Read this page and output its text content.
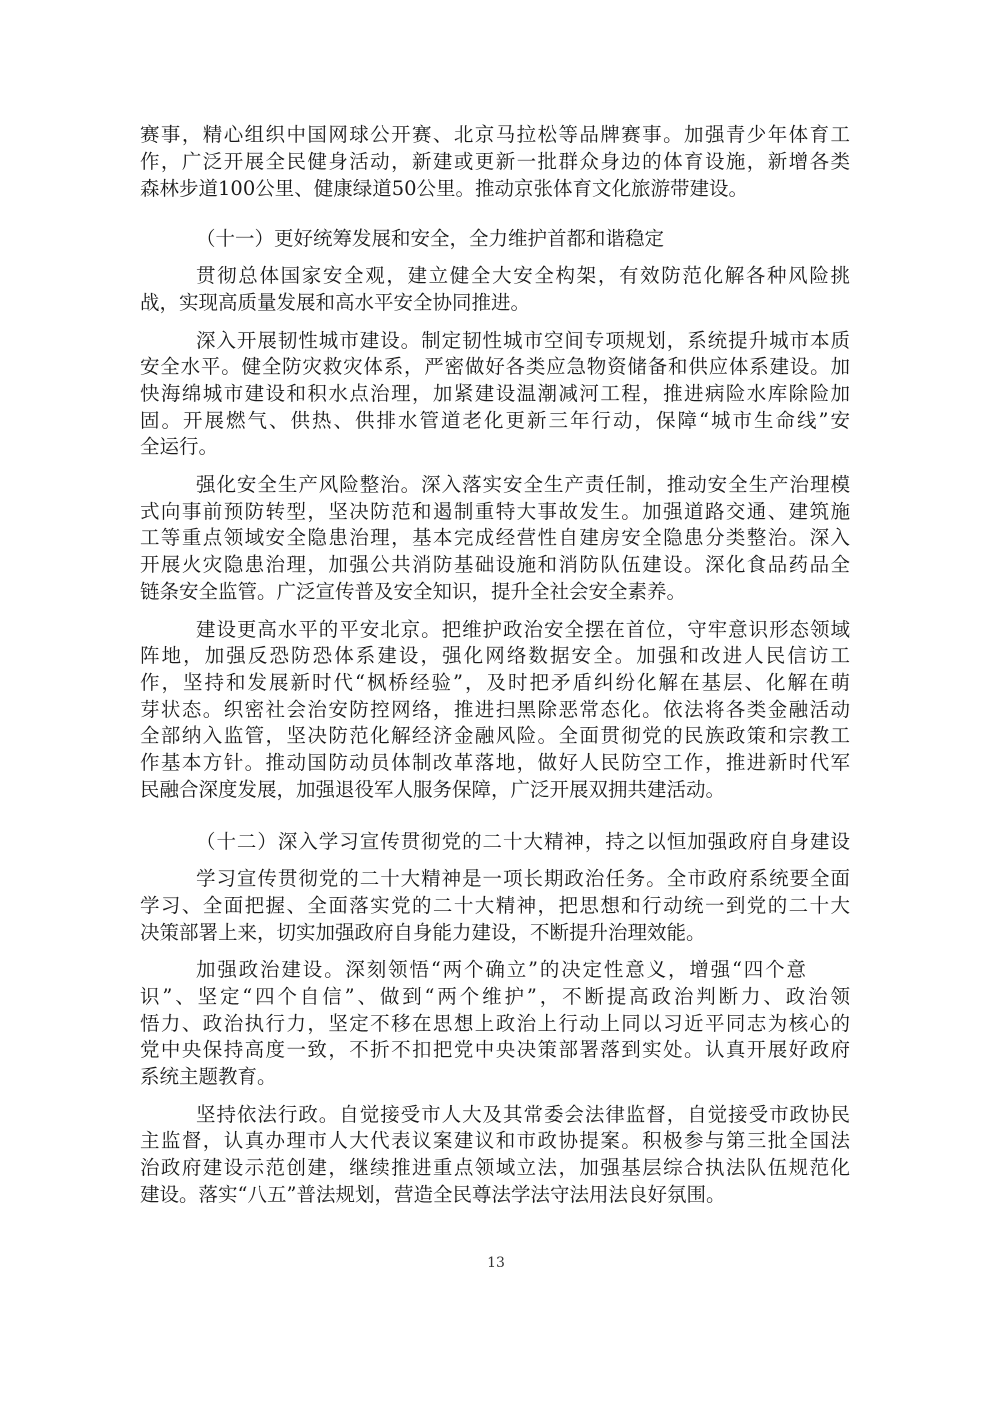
赛事，精心组织中国网球公开赛、北京马拉松等品牌赛事。加强青少年体育工
作，广泛开展全民健身活动，新建或更新一批群众身边的体育设施，新增各类
森林步道100公里、健康绿道50公里。推动京张体育文化旅游带建设。
（十一）更好统筹发展和安全，全力维护首都和谐稳定
贯彻总体国家安全观，建立健全大安全构架，有效防范化解各种风险挑
战，实现高质量发展和高水平安全协同推进。
深入开展韧性城市建设。制定韧性城市空间专项规划，系统提升城市本质
安全水平。健全防灾救灾体系，严密做好各类应急物资储备和供应体系建设。加
快海绵城市建设和积水点治理，加紧建设温潮减河工程，推进病险水库除险加
固。开展燃气、供热、供排水管道老化更新三年行动，保障“城市生命线”安
全运行。
强化安全生产风险整治。深入落实安全生产责任制，推动安全生产治理模
式向事前预防转型，坚决防范和遏制重特大事故发生。加强道路交通、建筑施
工等重点领域安全隐患治理，基本完成经营性自建房安全隐患分类整治。深入
开展火灾隐患治理，加强公共消防基础设施和消防队伍建设。深化食品药品全
链条安全监管。广泛宣传普及安全知识，提升全社会安全素养。
建设更高水平的平安北京。把维护政治安全摆在首位，守牢意识形态领域
阵地，加强反恐防恐体系建设，强化网络数据安全。加强和改进人民信访工
作，坚持和发展新时代“枫桥经验”，及时把矛盾纠纷化解在基层、化解在萌
芽状态。织密社会治安防控网络，推进扫黑除恶常态化。依法将各类金融活动
全部纳入监管，坚决防范化解经济金融风险。全面贯彻党的民族政策和宗教工
作基本方针。推动国防动员体制改革落地，做好人民防空工作，推进新时代军
民融合深度发展，加强退役军人服务保障，广泛开展双拥共建活动。
（十二）深入学习宣传贯彻党的二十大精神，持之以恒加强政府自身建设
学习宣传贯彻党的二十大精神是一项长期政治任务。全市政府系统要全面
学习、全面把握、全面落实党的二十大精神，把思想和行动统一到党的二十大
决策部署上来，切实加强政府自身能力建设，不断提升治理效能。
加强政治建设。深刻领悟“两个确立”的决定性意义，增强“四个意
识”、坚定“四个自信”、做到“两个维护”，不断提高政治判断力、政治领
悟力、政治执行力，坚定不移在思想上政治上行动上同以习近平同志为核心的
党中央保持高度一致，不折不扣把党中央决策部署落到实处。认真开展好政府
系统主题教育。
坚持依法行政。自觉接受市人大及其常委会法律监督，自觉接受市政协民
主监督，认真办理市人大代表议案建议和市政协提案。积极参与第三批全国法
治政府建设示范创建，继续推进重点领域立法，加强基层综合执法队伍规范化
建设。落实“八五”普法规划，营造全民尊法学法守法用法良好氛围。
13
